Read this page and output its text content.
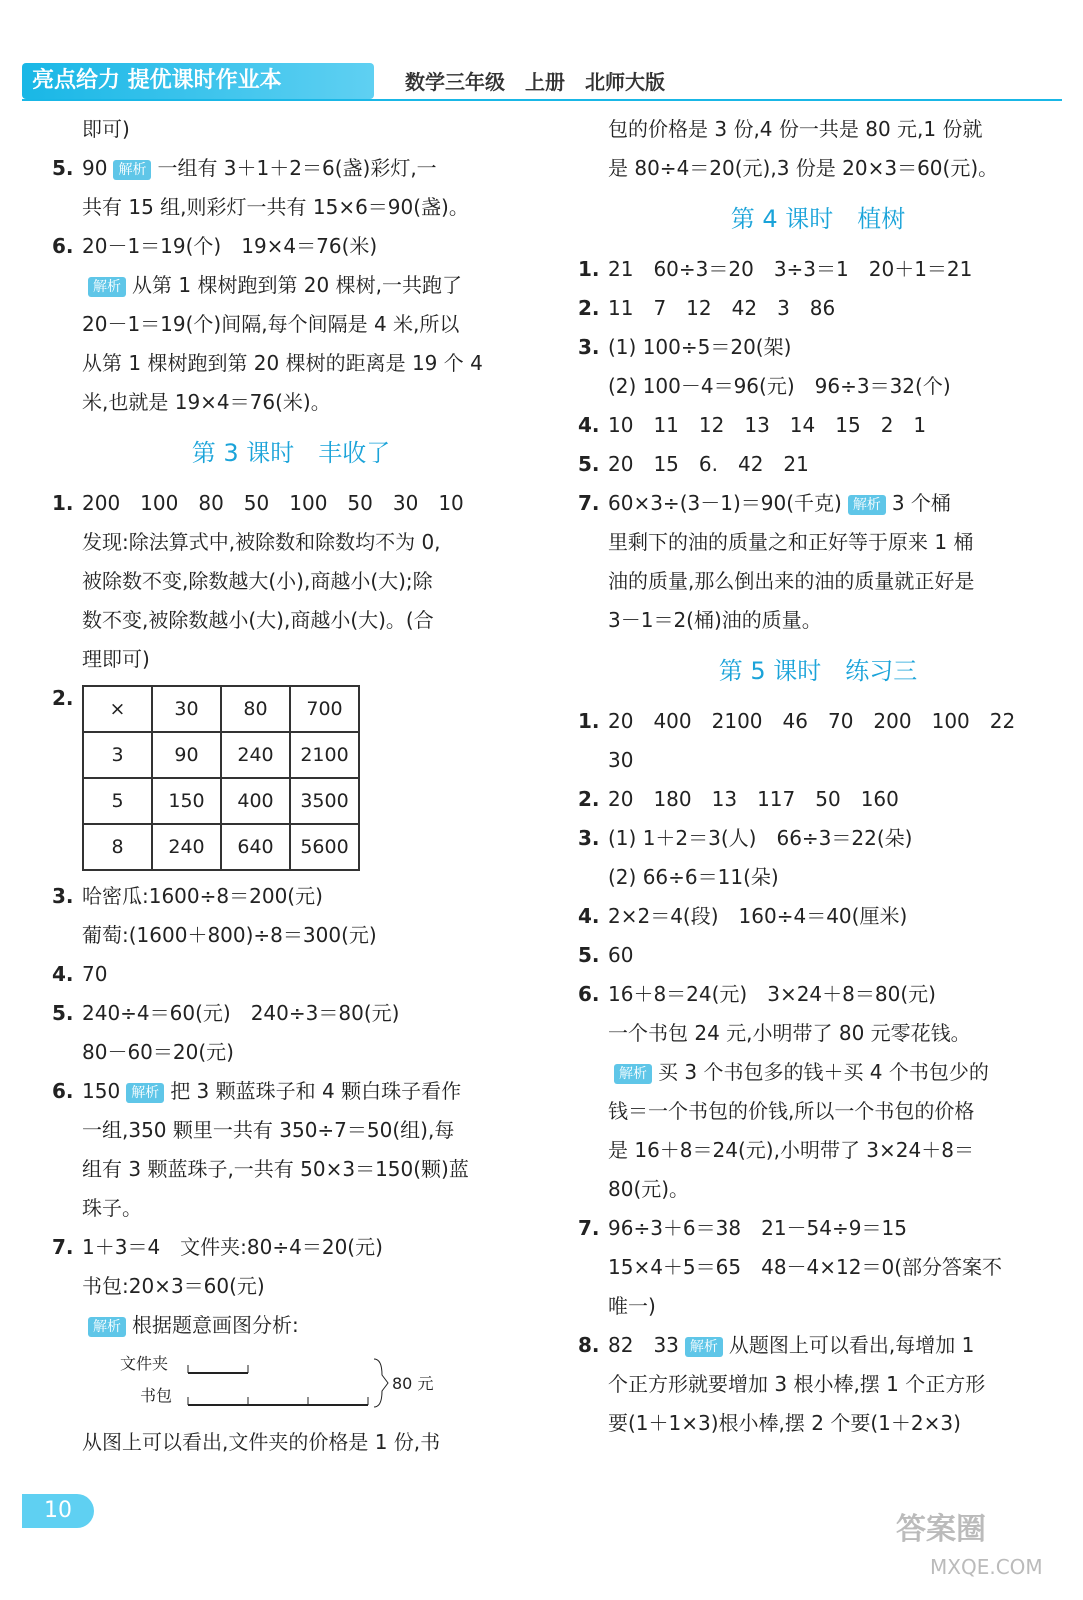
亮点给力 提优课时作业本	数学三年级　上册　北师大版
即可)
5. 90 解析 一组有 3＋1＋2＝6(盏)彩灯,一
共有 15 组,则彩灯一共有 15×6＝90(盏)。
6. 20－1＝19(个)　19×4＝76(米)
解析 从第 1 棵树跑到第 20 棵树,一共跑了
20－1＝19(个)间隔,每个间隔是 4 米,所以
从第 1 棵树跑到第 20 棵树的距离是 19 个 4
米,也就是 19×4＝76(米)。
第 3 课时　丰收了
1. 200　100　80　50　100　50　30　10
发现:除法算式中,被除数和除数均不为 0,
被除数不变,除数越大(小),商越小(大);除
数不变,被除数越小(大),商越小(大)。(合
理即可)
2.	×	30	80	700
3	90	240	2100
5	150	400	3500
8	240	640	5600
3. 哈密瓜:1600÷8＝200(元)
葡萄:(1600＋800)÷8＝300(元)
4. 70
5. 240÷4＝60(元)　240÷3＝80(元)
80－60＝20(元)
6. 150 解析 把 3 颗蓝珠子和 4 颗白珠子看作
一组,350 颗里一共有 350÷7＝50(组),每
组有 3 颗蓝珠子,一共有 50×3＝150(颗)蓝
珠子。
7. 1＋3＝4　文件夹:80÷4＝20(元)
书包:20×3＝60(元)
解析 根据题意画图分析:
文件夹
书包
80 元
从图上可以看出,文件夹的价格是 1 份,书
包的价格是 3 份,4 份一共是 80 元,1 份就
是 80÷4＝20(元),3 份是 20×3＝60(元)。
第 4 课时　植树
1. 21　60÷3＝20　3÷3＝1　20＋1＝21
2. 11　7　12　42　3　86
3. (1) 100÷5＝20(架)
(2) 100－4＝96(元)　96÷3＝32(个)
4. 10　11　12　13　14　15　2　1
5. 20　15　6.　42　21
7. 60×3÷(3－1)＝90(千克) 解析 3 个桶
里剩下的油的质量之和正好等于原来 1 桶
油的质量,那么倒出来的油的质量就正好是
3－1＝2(桶)油的质量。
第 5 课时　练习三
1. 20　400　2100　46　70　200　100　22
30
2. 20　180　13　117　50　160
3. (1) 1＋2＝3(人)　66÷3＝22(朵)
(2) 66÷6＝11(朵)
4. 2×2＝4(段)　160÷4＝40(厘米)
5. 60
6. 16＋8＝24(元)　3×24＋8＝80(元)
一个书包 24 元,小明带了 80 元零花钱。
解析 买 3 个书包多的钱＋买 4 个书包少的
钱＝一个书包的价钱,所以一个书包的价格
是 16＋8＝24(元),小明带了 3×24＋8＝
80(元)。
7. 96÷3＋6＝38　21－54÷9＝15
15×4＋5＝65　48－4×12＝0(部分答案不
唯一)
8. 82　33 解析 从题图上可以看出,每增加 1
个正方形就要增加 3 根小棒,摆 1 个正方形
要(1＋1×3)根小棒,摆 2 个要(1＋2×3)
10
答案圈
MXQE.COM
